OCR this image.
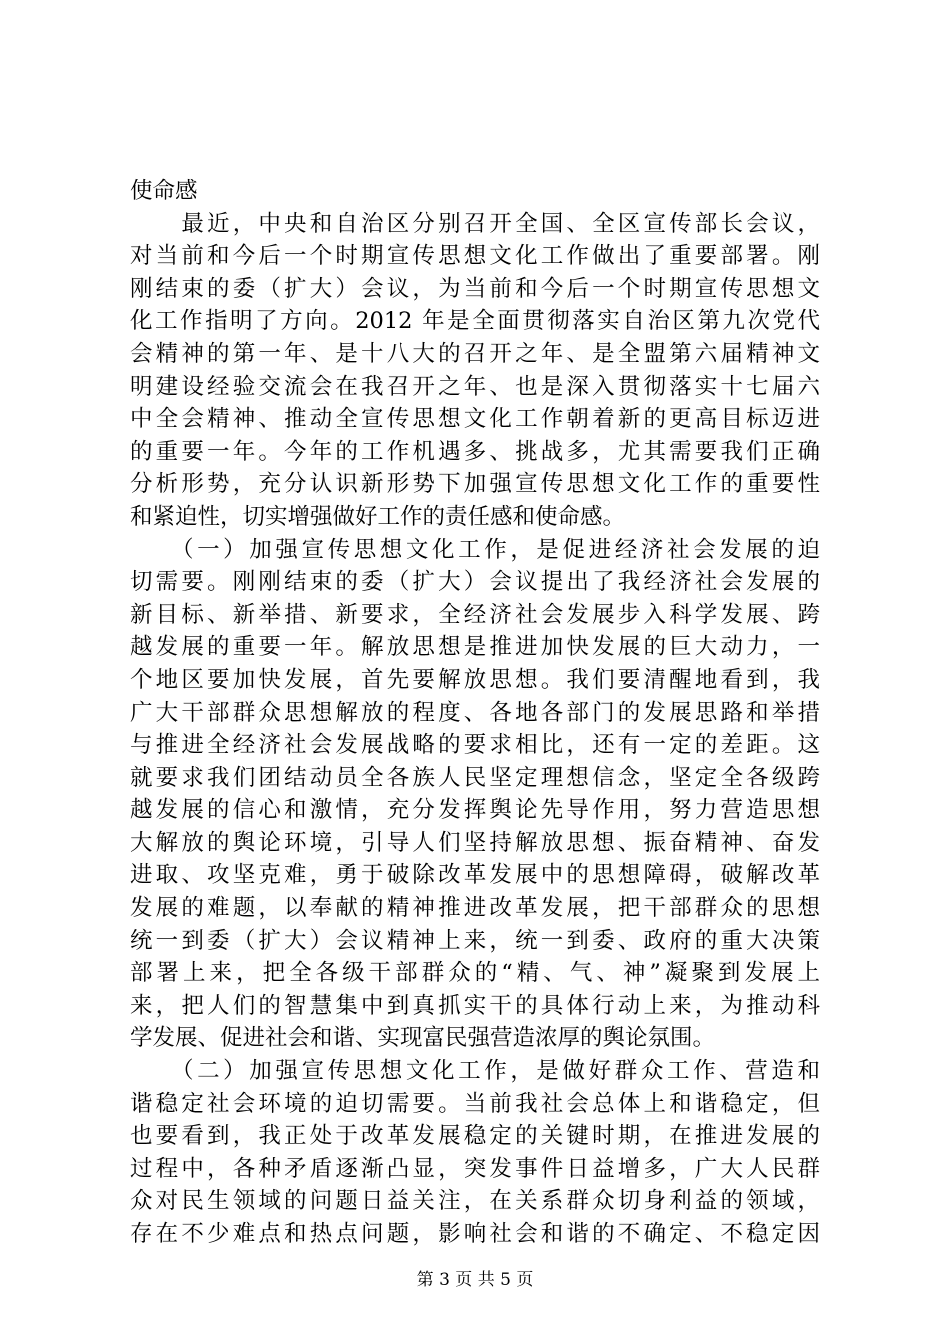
使命感
　　最近，中央和自治区分别召开全国、全区宣传部长会议，
对当前和今后一个时期宣传思想文化工作做出了重要部署。刚
刚结束的委（扩大）会议，为当前和今后一个时期宣传思想文
化工作指明了方向。2012 年是全面贯彻落实自治区第九次党代
会精神的第一年、是十八大的召开之年、是全盟第六届精神文
明建设经验交流会在我召开之年、也是深入贯彻落实十七届六
中全会精神、推动全宣传思想文化工作朝着新的更高目标迈进
的重要一年。今年的工作机遇多、挑战多，尤其需要我们正确
分析形势，充分认识新形势下加强宣传思想文化工作的重要性
和紧迫性，切实增强做好工作的责任感和使命感。
　　（一）加强宣传思想文化工作，是促进经济社会发展的迫
切需要。刚刚结束的委（扩大）会议提出了我经济社会发展的
新目标、新举措、新要求，全经济社会发展步入科学发展、跨
越发展的重要一年。解放思想是推进加快发展的巨大动力，一
个地区要加快发展，首先要解放思想。我们要清醒地看到，我
广大干部群众思想解放的程度、各地各部门的发展思路和举措
与推进全经济社会发展战略的要求相比，还有一定的差距。这
就要求我们团结动员全各族人民坚定理想信念，坚定全各级跨
越发展的信心和激情，充分发挥舆论先导作用，努力营造思想
大解放的舆论环境，引导人们坚持解放思想、振奋精神、奋发
进取、攻坚克难，勇于破除改革发展中的思想障碍，破解改革
发展的难题，以奉献的精神推进改革发展，把干部群众的思想
统一到委（扩大）会议精神上来，统一到委、政府的重大决策
部署上来，把全各级干部群众的“精、气、神”凝聚到发展上
来，把人们的智慧集中到真抓实干的具体行动上来，为推动科
学发展、促进社会和谐、实现富民强营造浓厚的舆论氛围。
　　（二）加强宣传思想文化工作，是做好群众工作、营造和
谐稳定社会环境的迫切需要。当前我社会总体上和谐稳定，但
也要看到，我正处于改革发展稳定的关键时期，在推进发展的
过程中，各种矛盾逐渐凸显，突发事件日益增多，广大人民群
众对民生领域的问题日益关注，在关系群众切身利益的领域，
存在不少难点和热点问题，影响社会和谐的不确定、不稳定因
第 3 页 共 5 页
